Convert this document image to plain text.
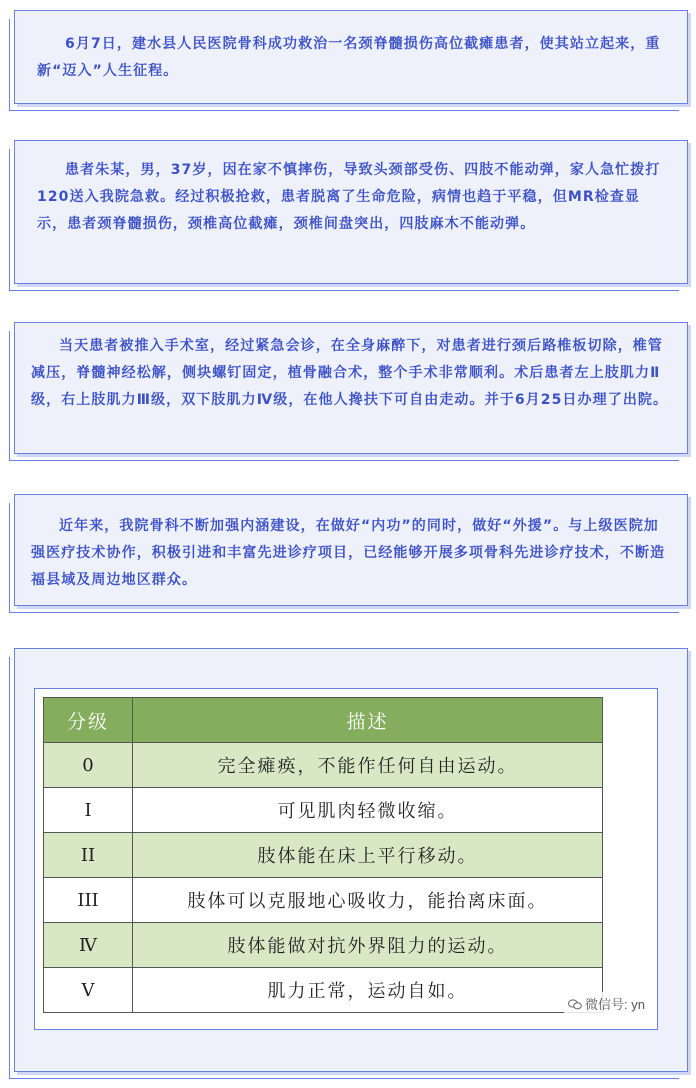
6月7日，建水县人民医院骨科成功救治一名颈脊髓损伤高位截瘫患者，使其站立起来，重新“迈入”人生征程。

患者朱某，男，37岁，因在家不慎摔伤，导致头颈部受伤、四肢不能动弹，家人急忙拨打120送入我院急救。经过积极抢救，患者脱离了生命危险，病情也趋于平稳，但MR检查显示，患者颈脊髓损伤，颈椎高位截瘫，颈椎间盘突出，四肢麻木不能动弹。

当天患者被推入手术室，经过紧急会诊，在全身麻醉下，对患者进行颈后路椎板切除，椎管减压，脊髓神经松解，侧块螺钉固定，植骨融合术，整个手术非常顺利。术后患者左上肢肌力Ⅱ级，右上肢肌力Ⅲ级，双下肢肌力Ⅳ级，在他人搀扶下可自由走动。并于6月25日办理了出院。

近年来，我院骨科不断加强内涵建设，在做好“内功”的同时，做好“外援”。与上级医院加强医疗技术协作，积极引进和丰富先进诊疗项目，已经能够开展多项骨科先进诊疗技术，不断造福县域及周边地区群众。

分级	描述
0	完全瘫痪，不能作任何自由运动。
I	可见肌肉轻微收缩。
II	肢体能在床上平行移动。
III	肢体可以克服地心吸收力，能抬离床面。
Ⅳ	肢体能做对抗外界阻力的运动。
V	肌力正常，运动自如。
微信号: yn
